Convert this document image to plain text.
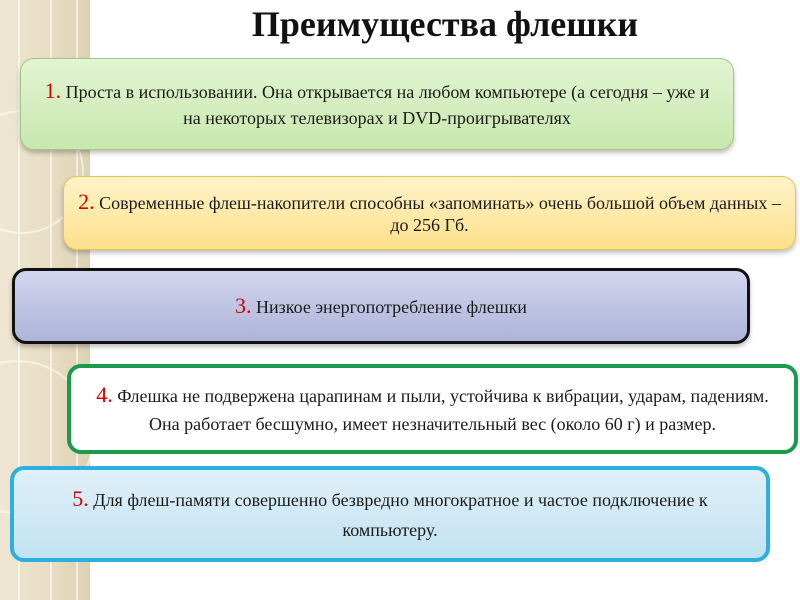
Преимущества флешки
1. Проста в использовании. Она открывается на любом компьютере (а сегодня – уже и на некоторых телевизорах и DVD-проигрывателях
2. Современные флеш-накопители способны «запоминать» очень большой объем данных – до 256 Гб.
3. Низкое энергопотребление флешки
4. Флешка не подвержена царапинам и пыли, устойчива к вибрации, ударам, падениям. Она работает бесшумно, имеет незначительный вес (около 60 г) и размер.
5. Для флеш-памяти совершенно безвредно многократное и частое подключение к компьютеру.
